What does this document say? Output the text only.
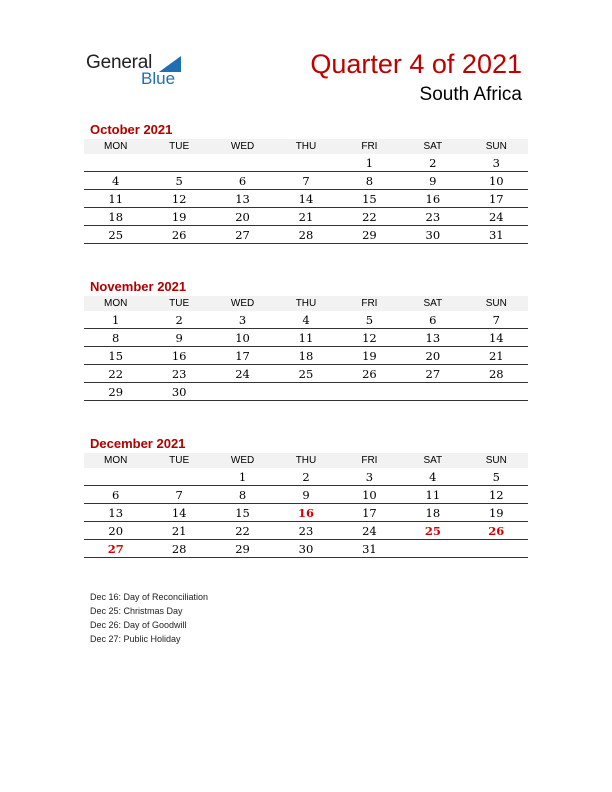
General
Blue	Quarter 4 of 2021
South Africa
October 2021
MON	TUE	WED	THU	FRI	SAT	SUN
				1	2	3
4	5	6	7	8	9	10
11	12	13	14	15	16	17
18	19	20	21	22	23	24
25	26	27	28	29	30	31
November 2021
MON	TUE	WED	THU	FRI	SAT	SUN
1	2	3	4	5	6	7
8	9	10	11	12	13	14
15	16	17	18	19	20	21
22	23	24	25	26	27	28
29	30					
December 2021
MON	TUE	WED	THU	FRI	SAT	SUN
		1	2	3	4	5
6	7	8	9	10	11	12
13	14	15	16	17	18	19
20	21	22	23	24	25	26
27	28	29	30	31		
Dec 16: Day of Reconciliation
Dec 25: Christmas Day
Dec 26: Day of Goodwill
Dec 27: Public Holiday
